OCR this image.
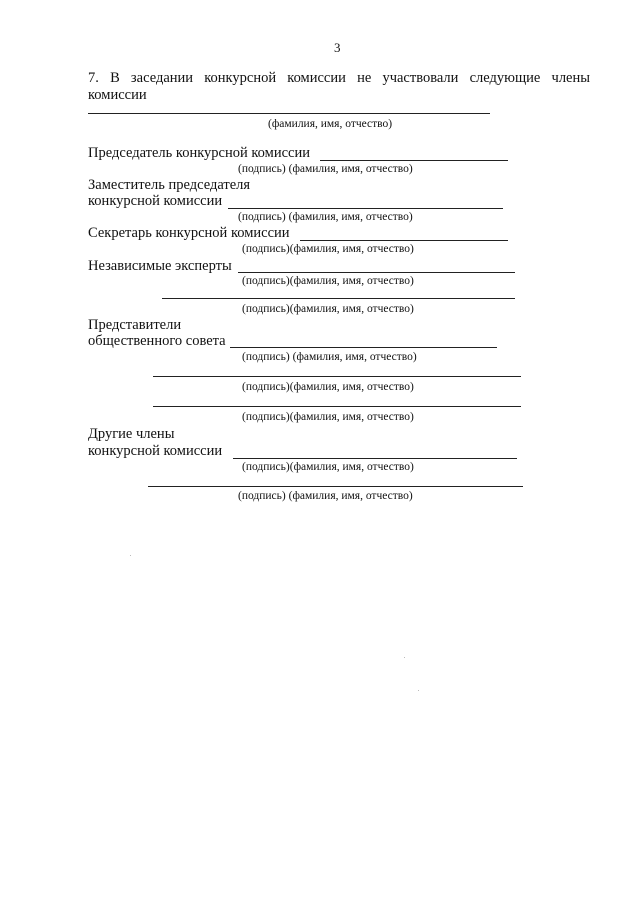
3
7. В заседании конкурсной комиссии не участвовали следующие члены
комиссии
(фамилия, имя, отчество)
Председатель конкурсной комиссии
(подпись) (фамилия, имя, отчество)
Заместитель председателя
конкурсной комиссии
(подпись) (фамилия, имя, отчество)
Секретарь конкурсной комиссии
(подпись)(фамилия, имя, отчество)
Независимые эксперты
(подпись)(фамилия, имя, отчество)
(подпись)(фамилия, имя, отчество)
Представители
общественного совета
(подпись) (фамилия, имя, отчество)
(подпись)(фамилия, имя, отчество)
(подпись)(фамилия, имя, отчество)
Другие члены
конкурсной комиссии
(подпись)(фамилия, имя, отчество)
(подпись) (фамилия, имя, отчество)
